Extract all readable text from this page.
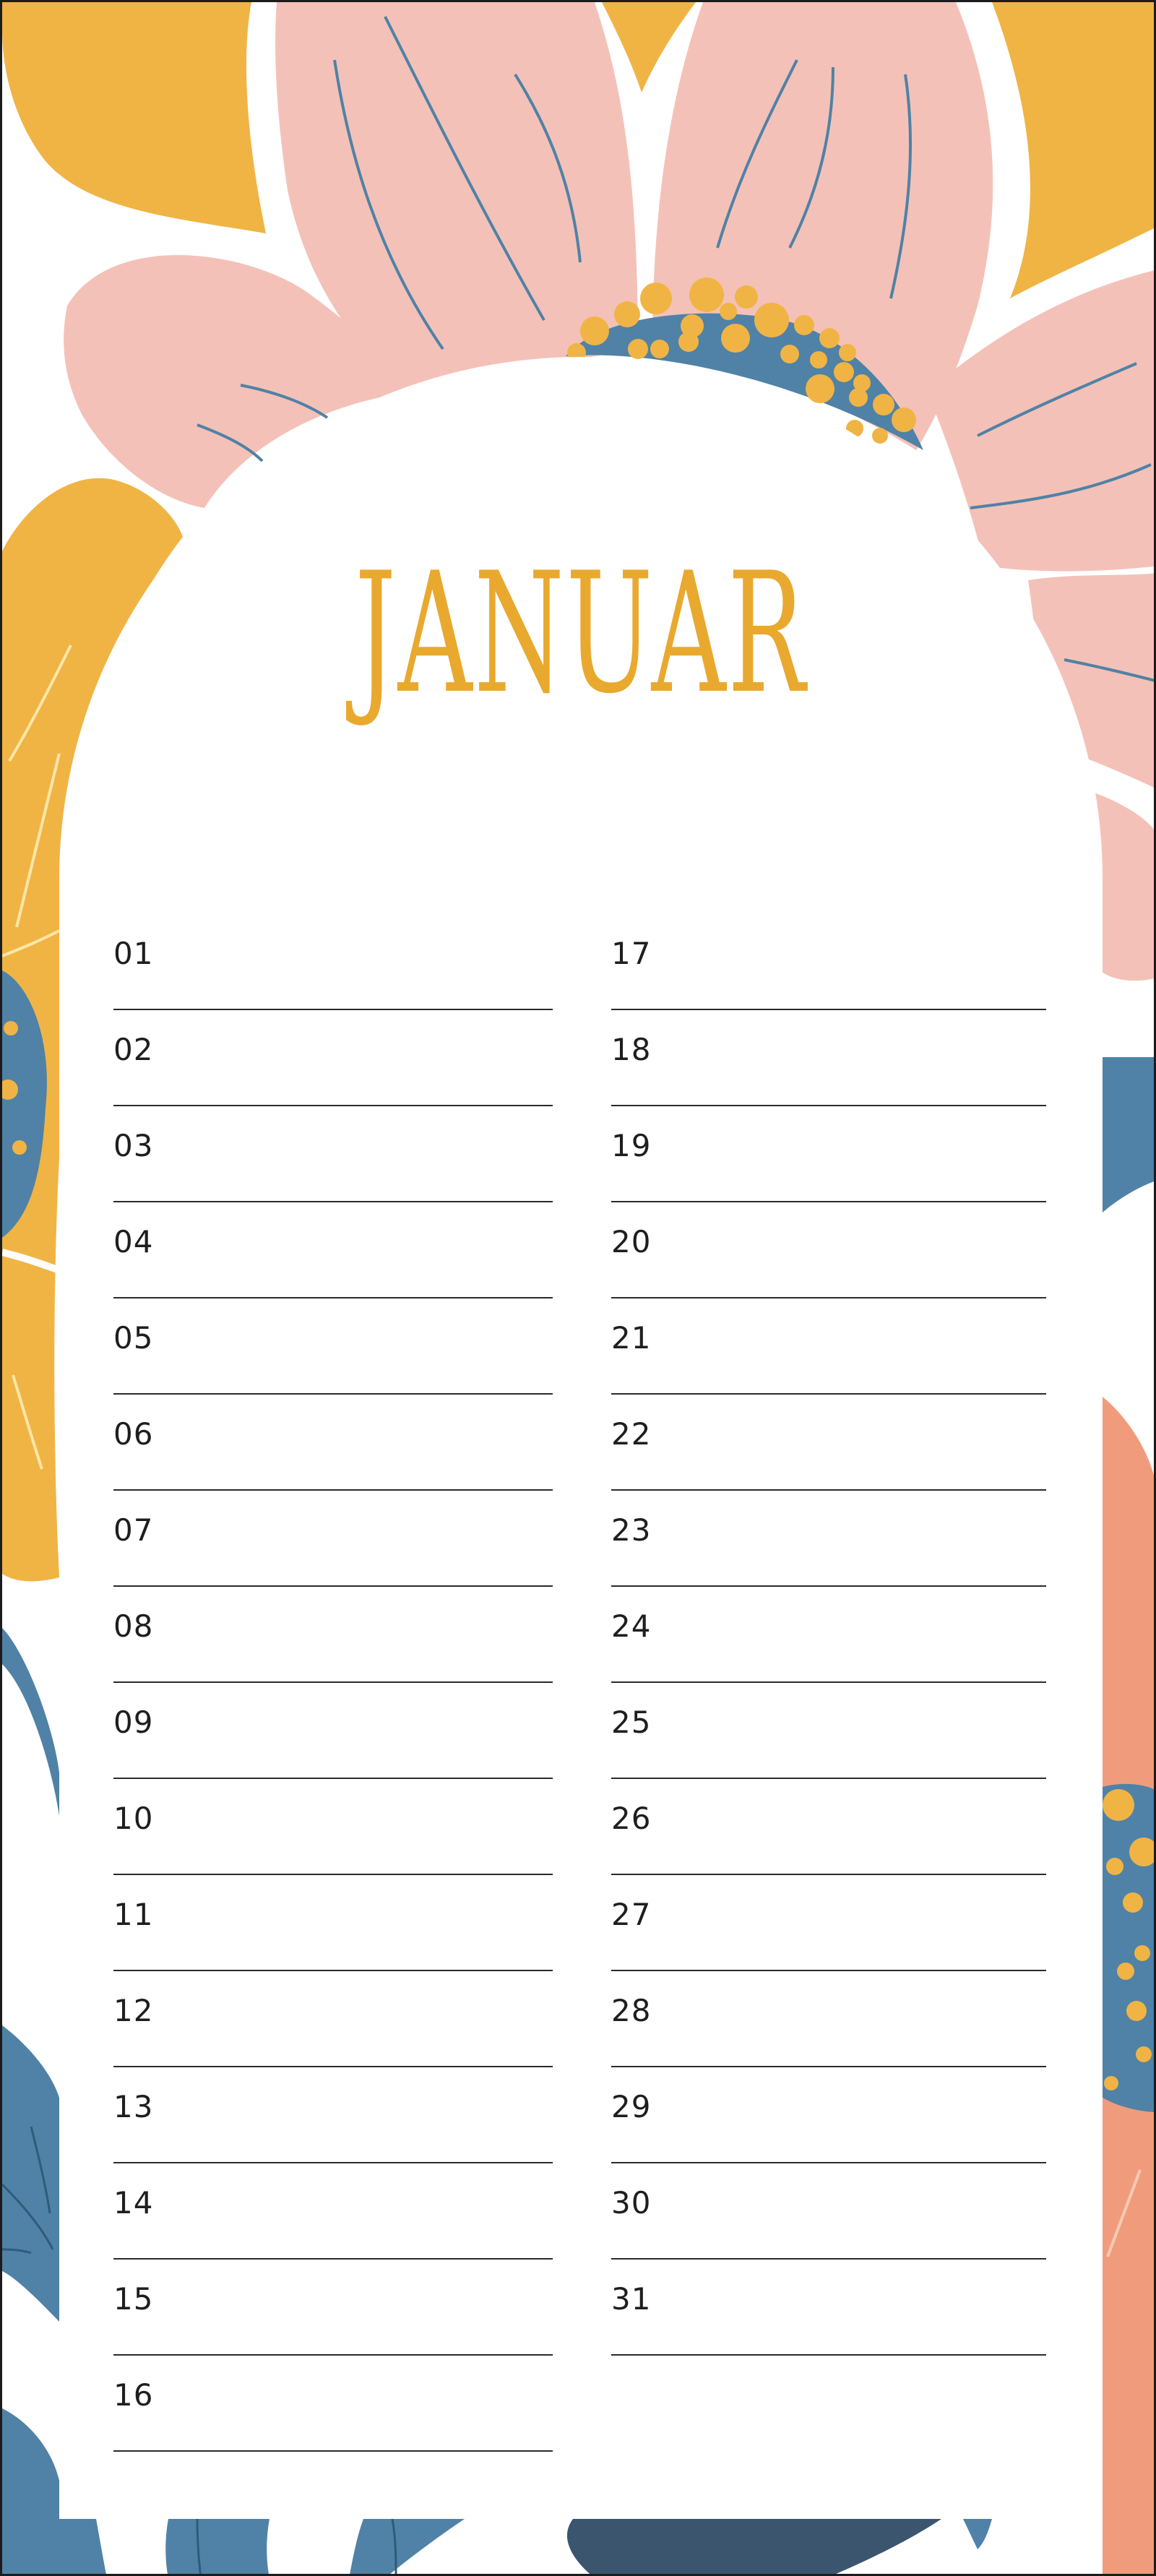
JANUAR
01
02
03
04
05
06
07
08
09
10
11
12
13
14
15
16
17
18
19
20
21
22
23
24
25
26
27
28
29
30
31
